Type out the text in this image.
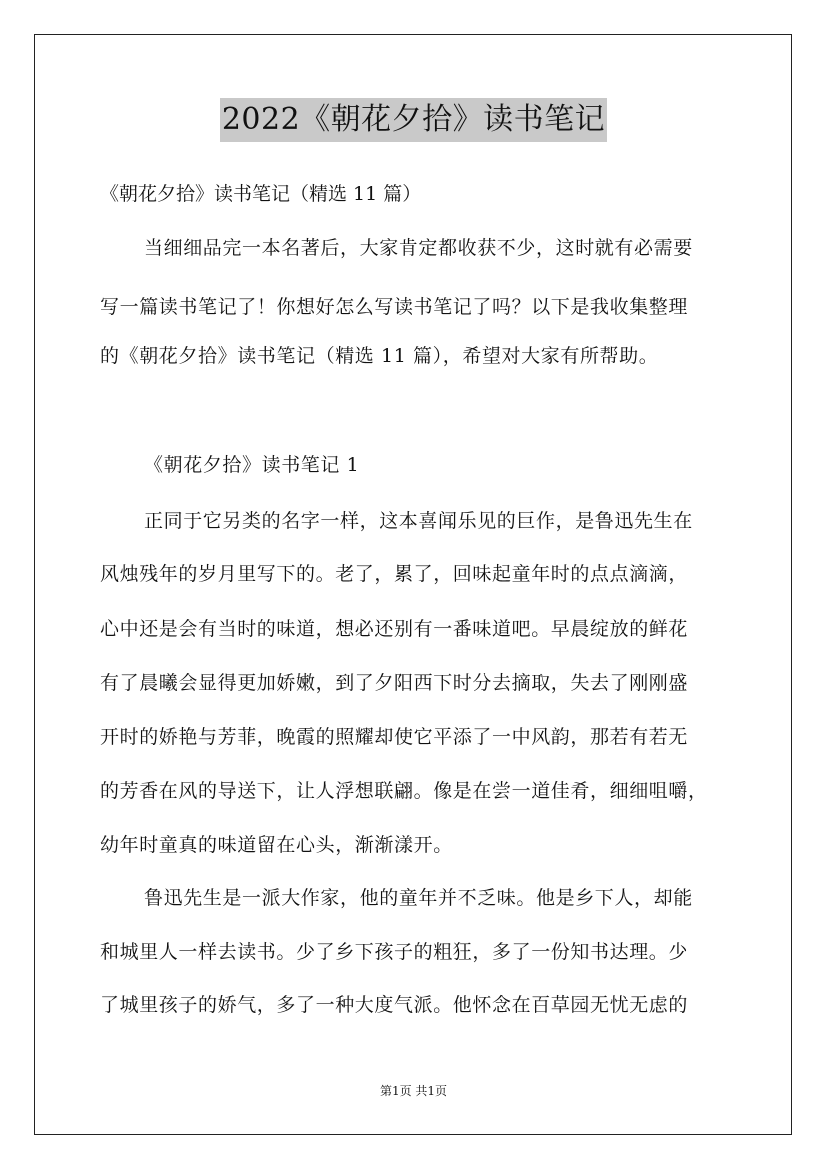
2022《朝花夕拾》读书笔记
《朝花夕拾》读书笔记（精选 11 篇）
当细细品完一本名著后，大家肯定都收获不少，这时就有必需要
写一篇读书笔记了！你想好怎么写读书笔记了吗？以下是我收集整理
的《朝花夕拾》读书笔记（精选 11 篇），希望对大家有所帮助。
《朝花夕拾》读书笔记 1
正同于它另类的名字一样，这本喜闻乐见的巨作，是鲁迅先生在
风烛残年的岁月里写下的。老了，累了，回味起童年时的点点滴滴，
心中还是会有当时的味道，想必还别有一番味道吧。早晨绽放的鲜花
有了晨曦会显得更加娇嫩，到了夕阳西下时分去摘取，失去了刚刚盛
开时的娇艳与芳菲，晚霞的照耀却使它平添了一中风韵，那若有若无
的芳香在风的导送下，让人浮想联翩。像是在尝一道佳肴，细细咀嚼，
幼年时童真的味道留在心头，渐渐漾开。
鲁迅先生是一派大作家，他的童年并不乏味。他是乡下人，却能
和城里人一样去读书。少了乡下孩子的粗狂，多了一份知书达理。少
了城里孩子的娇气，多了一种大度气派。他怀念在百草园无忧无虑的
第1页 共1页
